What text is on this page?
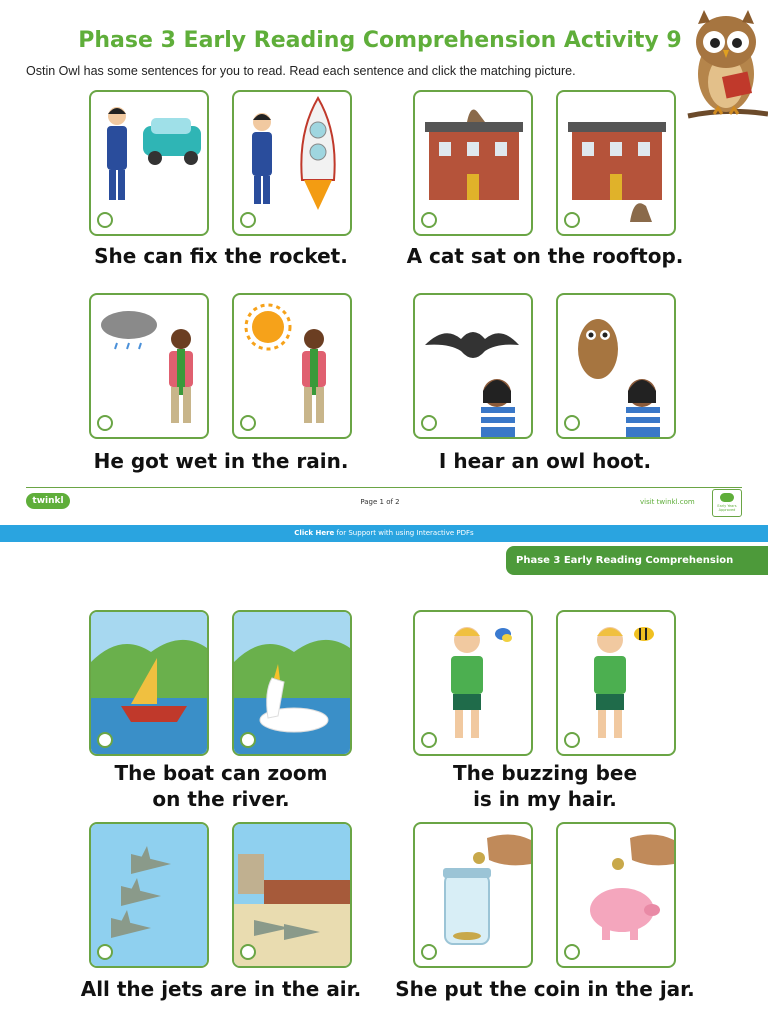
Phase 3 Early Reading Comprehension Activity 9
Ostin Owl has some sentences for you to read. Read each sentence and click the matching picture.
She can fix the rocket.	A cat sat on the rooftop.
He got wet in the rain.	I hear an owl hoot.
twinkl	Page 1 of 2	visit twinkl.com	Early Years Approved
Click Here for Support with using Interactive PDFs
Phase 3 Early Reading Comprehension Activity 9
The boat can zoom
on the river.
The buzzing bee
is in my hair.
All the jets are in the air.	She put the coin in the jar.
